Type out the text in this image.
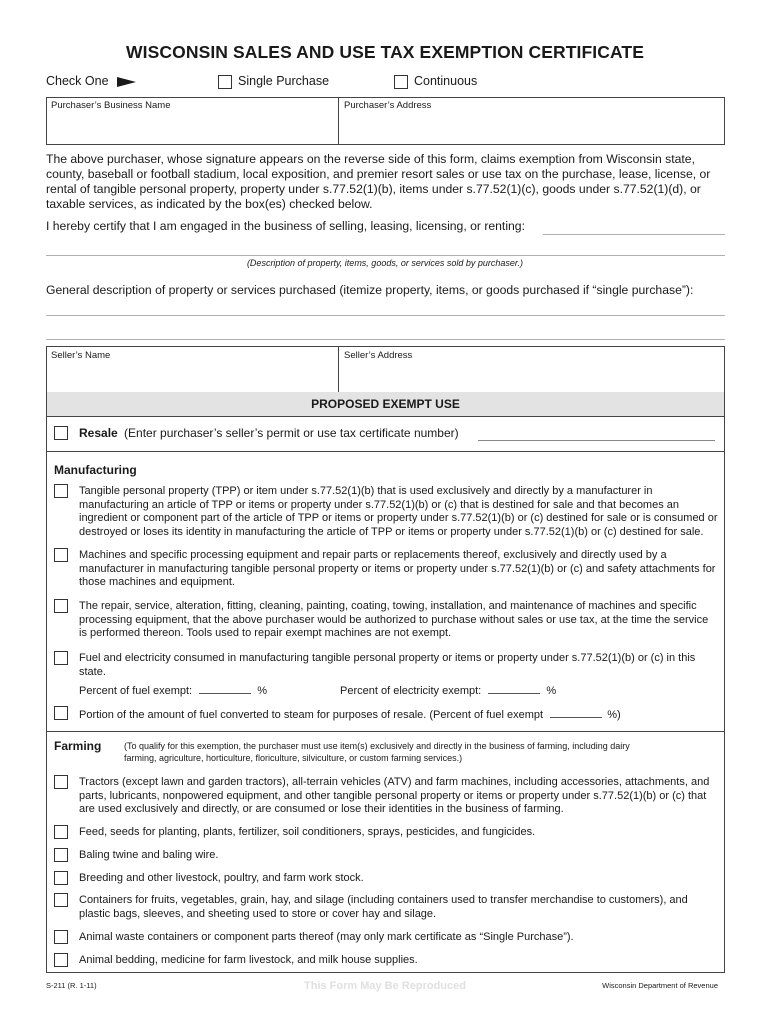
WISCONSIN SALES AND USE TAX EXEMPTION CERTIFICATE
Check One	Single Purchase	Continuous
Purchaser’s Business Name	Purchaser’s Address
The above purchaser, whose signature appears on the reverse side of this form, claims exemption from Wisconsin state, county, baseball or football stadium, local exposition, and premier resort sales or use tax on the purchase, lease, license, or rental of tangible personal property, property under s.77.52(1)(b), items under s.77.52(1)(c), goods under s.77.52(1)(d), or taxable services, as indicated by the box(es) checked below.
I hereby certify that I am engaged in the business of selling, leasing, licensing, or renting:
(Description of property, items, goods, or services sold by purchaser.)
General description of property or services purchased (itemize property, items, or goods purchased if “single purchase”):
Seller’s Name	Seller’s Address
PROPOSED EXEMPT USE
Resale (Enter purchaser’s seller’s permit or use tax certificate number)
Manufacturing
Tangible personal property (TPP) or item under s.77.52(1)(b) that is used exclusively and directly by a manufacturer in manufacturing an article of TPP or items or property under s.77.52(1)(b) or (c) that is destined for sale and that becomes an ingredient or component part of the article of TPP or items or property under s.77.52(1)(b) or (c) destined for sale or is consumed or destroyed or loses its identity in manufacturing the article of TPP or items or property under s.77.52(1)(b) or (c) destined for sale.
Machines and specific processing equipment and repair parts or replacements thereof, exclusively and directly used by a manufacturer in manufacturing tangible personal property or items or property under s.77.52(1)(b) or (c) and safety attachments for those machines and equipment.
The repair, service, alteration, fitting, cleaning, painting, coating, towing, installation, and maintenance of machines and specific processing equipment, that the above purchaser would be authorized to purchase without sales or use tax, at the time the service is performed thereon. Tools used to repair exempt machines are not exempt.
Fuel and electricity consumed in manufacturing tangible personal property or items or property under s.77.52(1)(b) or (c) in this state.
Percent of fuel exempt:	%	Percent of electricity exempt:	%
Portion of the amount of fuel converted to steam for purposes of resale. (Percent of fuel exempt	%)
Farming	(To qualify for this exemption, the purchaser must use item(s) exclusively and directly in the business of farming, including dairy farming, agriculture, horticulture, floriculture, silviculture, or custom farming services.)
Tractors (except lawn and garden tractors), all-terrain vehicles (ATV) and farm machines, including accessories, attachments, and parts, lubricants, nonpowered equipment, and other tangible personal property or items or property under s.77.52(1)(b) or (c) that are used exclusively and directly, or are consumed or lose their identities in the business of farming.
Feed, seeds for planting, plants, fertilizer, soil conditioners, sprays, pesticides, and fungicides.
Baling twine and baling wire.
Breeding and other livestock, poultry, and farm work stock.
Containers for fruits, vegetables, grain, hay, and silage (including containers used to transfer merchandise to customers), and plastic bags, sleeves, and sheeting used to store or cover hay and silage.
Animal waste containers or component parts thereof (may only mark certificate as “Single Purchase”).
Animal bedding, medicine for farm livestock, and milk house supplies.
S-211 (R. 1-11)	This Form May Be Reproduced	Wisconsin Department of Revenue
